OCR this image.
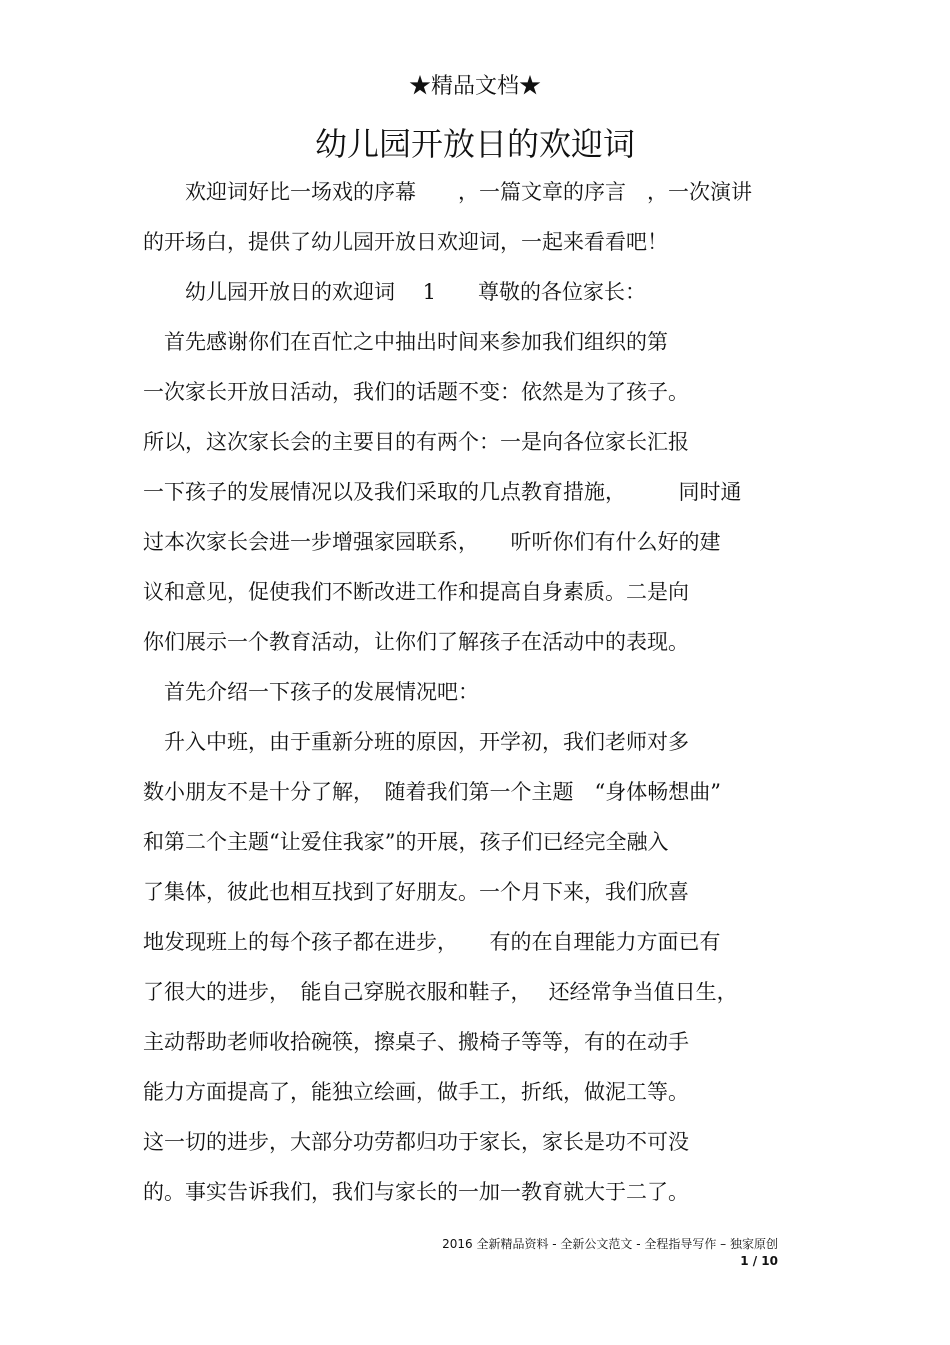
★精品文档★
幼儿园开放日的欢迎词
　　欢迎词好比一场戏的序幕　　，一篇文章的序言　，一次演讲
的开场白，提供了幼儿园开放日欢迎词，一起来看看吧！
　　幼儿园开放日的欢迎词　 1　　尊敬的各位家长：
　首先感谢你们在百忙之中抽出时间来参加我们组织的第
一次家长开放日活动，我们的话题不变：依然是为了孩子。
所以，这次家长会的主要目的有两个：一是向各位家长汇报
一下孩子的发展情况以及我们采取的几点教育措施，　　　同时通
过本次家长会进一步增强家园联系，　　听听你们有什么好的建
议和意见，促使我们不断改进工作和提高自身素质。二是向
你们展示一个教育活动，让你们了解孩子在活动中的表现。
　首先介绍一下孩子的发展情况吧：
　升入中班，由于重新分班的原因，开学初，我们老师对多
数小朋友不是十分了解，　随着我们第一个主题　“身体畅想曲”
和第二个主题“让爱住我家”的开展，孩子们已经完全融入
了集体，彼此也相互找到了好朋友。一个月下来，我们欣喜
地发现班上的每个孩子都在进步，　　有的在自理能力方面已有
了很大的进步，　能自己穿脱衣服和鞋子，　 还经常争当值日生，
主动帮助老师收拾碗筷，擦桌子、搬椅子等等，有的在动手
能力方面提高了，能独立绘画，做手工，折纸，做泥工等。
这一切的进步，大部分功劳都归功于家长，家长是功不可没
的。事实告诉我们，我们与家长的一加一教育就大于二了。
2016 全新精品资料 - 全新公文范文 - 全程指导写作 – 独家原创
1 / 10
